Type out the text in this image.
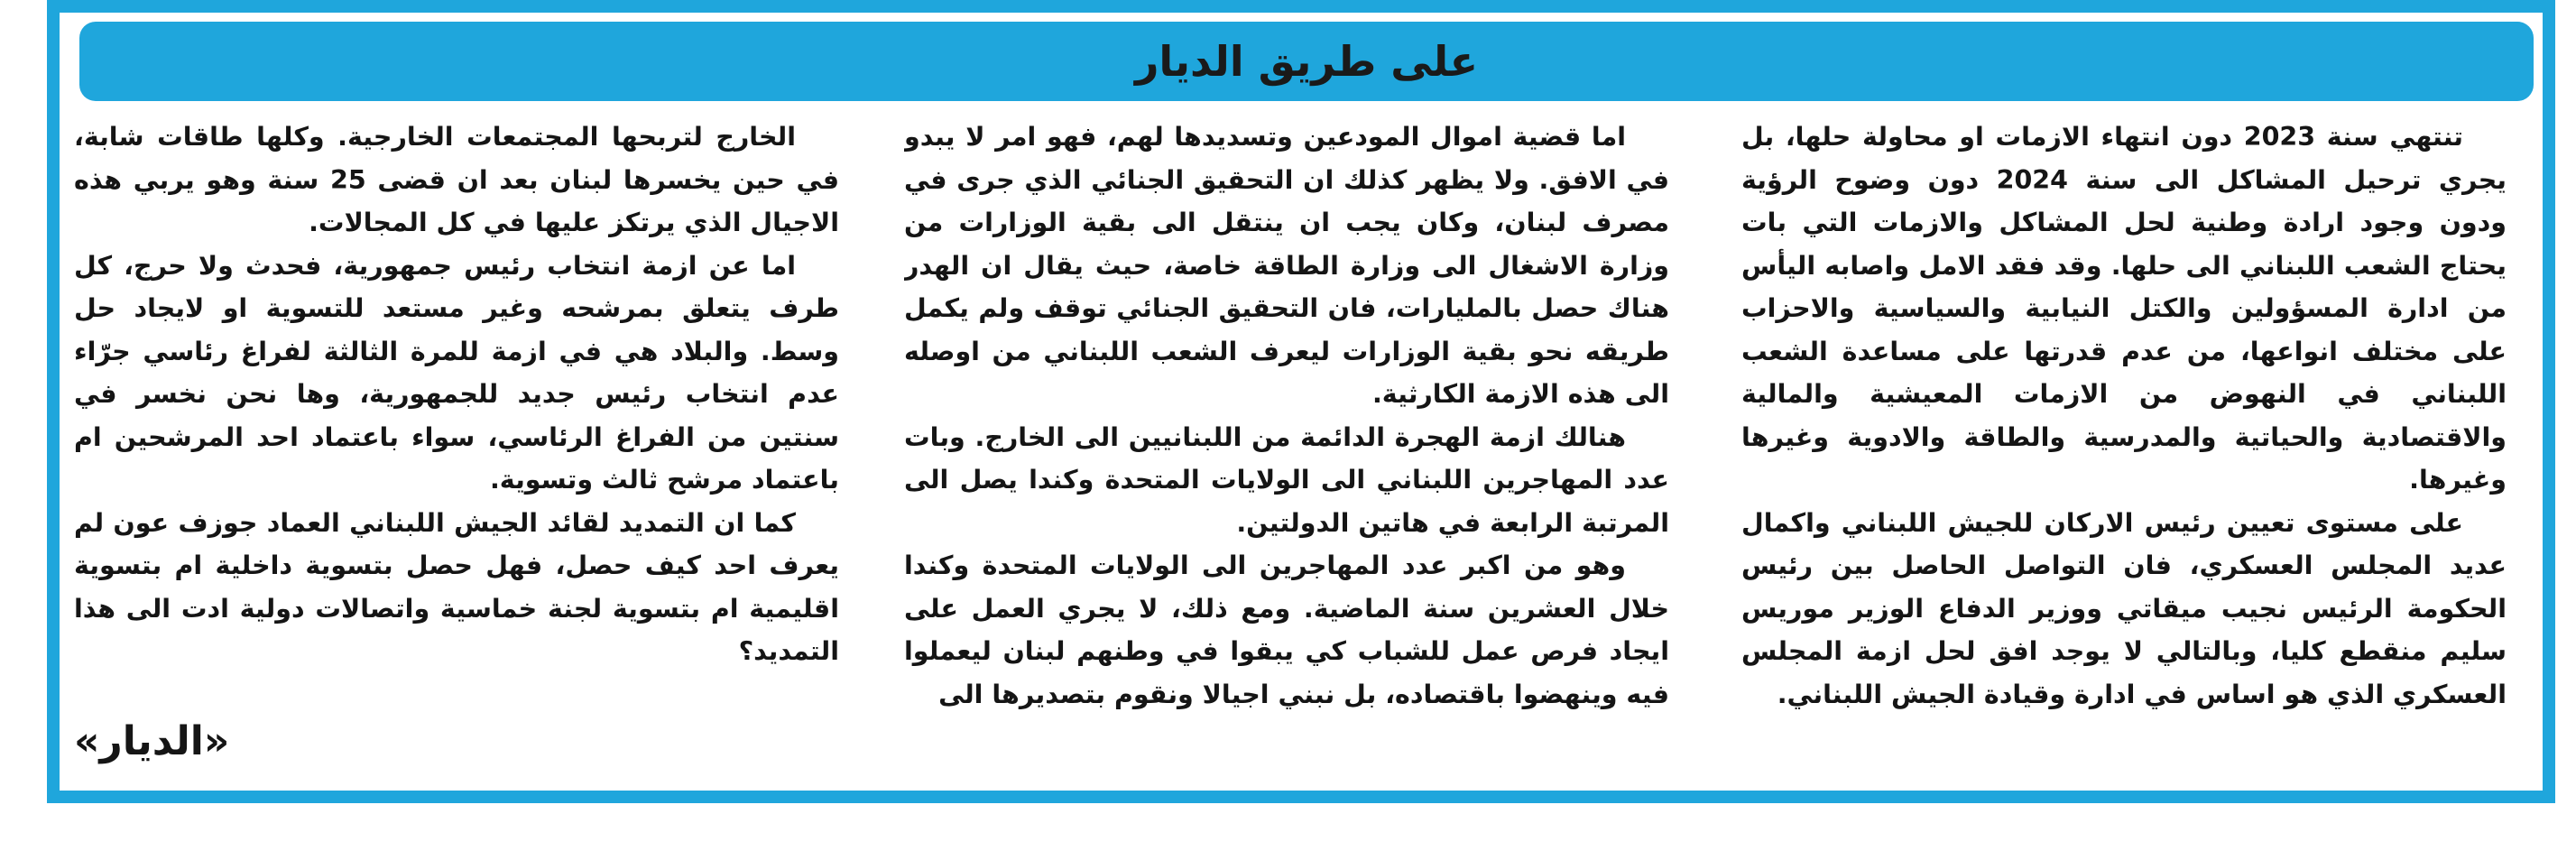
على طريق الديار

تنتهي سنة 2023 دون انتهاء الازمات او محاولة حلها، بل يجري ترحيل المشاكل الى سنة 2024 دون وضوح الرؤية ودون وجود ارادة وطنية لحل المشاكل والازمات التي بات يحتاج الشعب اللبناني الى حلها. وقد فقد الامل واصابه اليأس من ادارة المسؤولين والكتل النيابية والسياسية والاحزاب على مختلف انواعها، من عدم قدرتها على مساعدة الشعب اللبناني في النهوض من الازمات المعيشية والمالية والاقتصادية والحياتية والمدرسية والطاقة والادوية وغيرها وغيرها.

على مستوى تعيين رئيس الاركان للجيش اللبناني واكمال عديد المجلس العسكري، فان التواصل الحاصل بين رئيس الحكومة الرئيس نجيب ميقاتي ووزير الدفاع الوزير موريس سليم منقطع كليا، وبالتالي لا يوجد افق لحل ازمة المجلس العسكري الذي هو اساس في ادارة وقيادة الجيش اللبناني.

اما قضية اموال المودعين وتسديدها لهم، فهو امر لا يبدو في الافق. ولا يظهر كذلك ان التحقيق الجنائي الذي جرى في مصرف لبنان، وكان يجب ان ينتقل الى بقية الوزارات من وزارة الاشغال الى وزارة الطاقة خاصة، حيث يقال ان الهدر هناك حصل بالمليارات، فان التحقيق الجنائي توقف ولم يكمل طريقه نحو بقية الوزارات ليعرف الشعب اللبناني من اوصله الى هذه الازمة الكارثية.

هنالك ازمة الهجرة الدائمة من اللبنانيين الى الخارج. وبات عدد المهاجرين اللبناني الى الولايات المتحدة وكندا يصل الى المرتبة الرابعة في هاتين الدولتين.

وهو من اكبر عدد المهاجرين الى الولايات المتحدة وكندا خلال العشرين سنة الماضية. ومع ذلك، لا يجري العمل على ايجاد فرص عمل للشباب كي يبقوا في وطنهم لبنان ليعملوا فيه وينهضوا باقتصاده، بل نبني اجيالا ونقوم بتصديرها الى

الخارج لتربحها المجتمعات الخارجية. وكلها طاقات شابة، في حين يخسرها لبنان بعد ان قضى 25 سنة وهو يربي هذه الاجيال الذي يرتكز عليها في كل المجالات.

اما عن ازمة انتخاب رئيس جمهورية، فحدث ولا حرج، كل طرف يتعلق بمرشحه وغير مستعد للتسوية او لايجاد حل وسط. والبلاد هي في ازمة للمرة الثالثة لفراغ رئاسي جرّاء عدم انتخاب رئيس جديد للجمهورية، وها نحن نخسر في سنتين من الفراغ الرئاسي، سواء باعتماد احد المرشحين ام باعتماد مرشح ثالث وتسوية.

كما ان التمديد لقائد الجيش اللبناني العماد جوزف عون لم يعرف احد كيف حصل، فهل حصل بتسوية داخلية ام بتسوية اقليمية ام بتسوية لجنة خماسية واتصالات دولية ادت الى هذا التمديد؟

«الديار»
